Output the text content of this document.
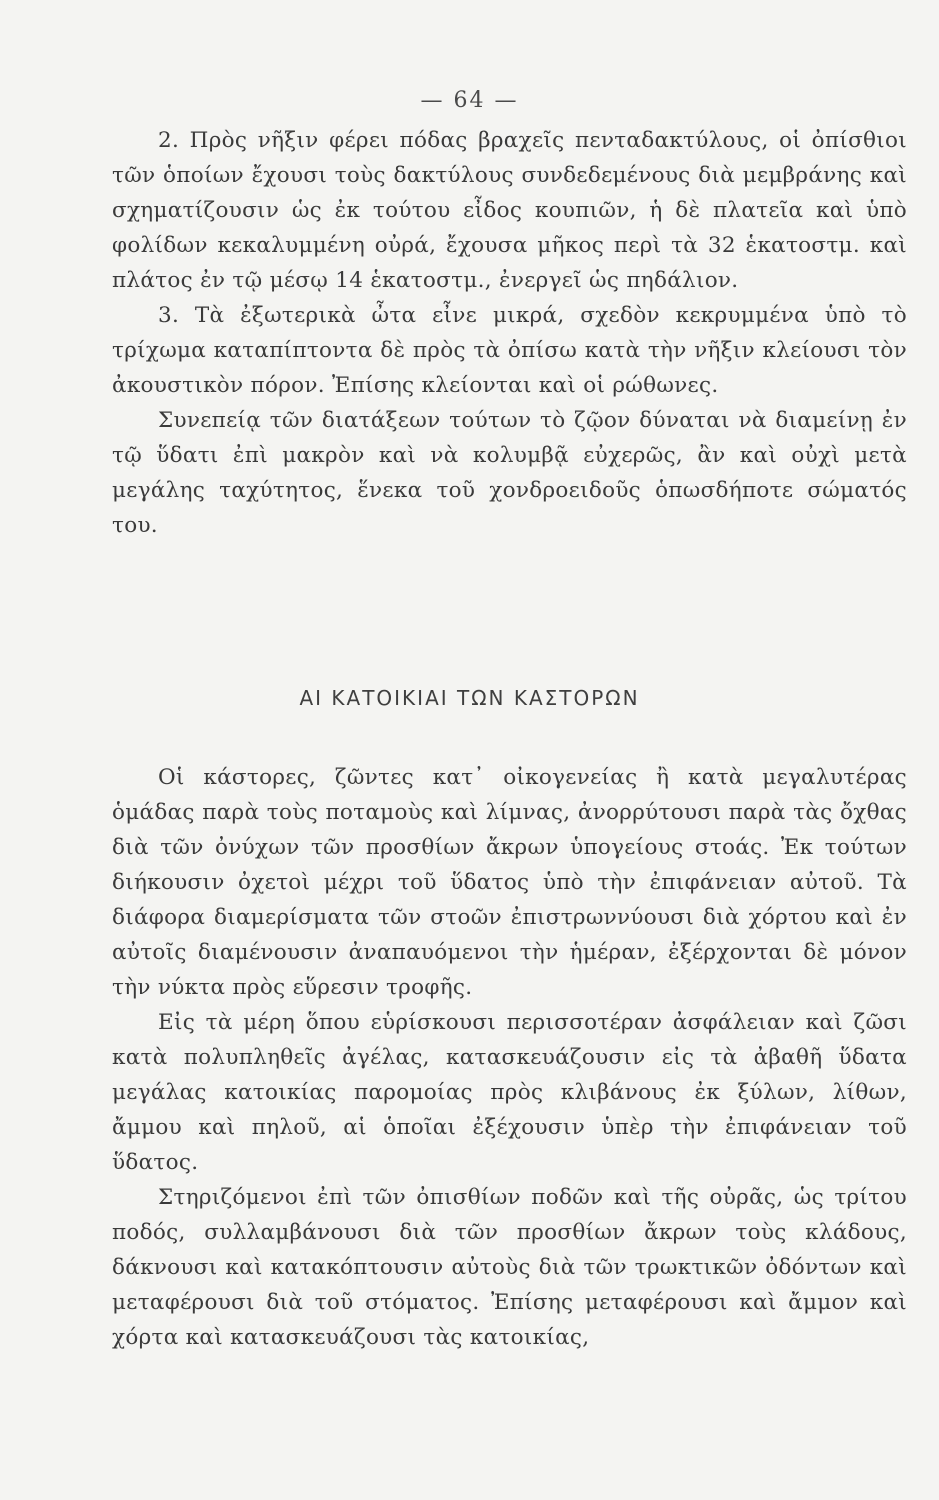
— 64 —

2. Πρὸς νῆξιν φέρει πόδας βραχεῖς πενταδακτύλους, οἱ ὀπίσθιοι τῶν ὁποίων ἔχουσι τοὺς δακτύλους συνδεδεμένους διὰ μεμβράνης καὶ σχηματίζουσιν ὡς ἐκ τούτου εἶδος κουπιῶν, ἡ δὲ πλατεῖα καὶ ὑπὸ φολίδων κεκαλυμμένη οὐρά, ἔχουσα μῆκος περὶ τὰ 32 ἑκατοστμ. καὶ πλάτος ἐν τῷ μέσῳ 14 ἑκατοστμ., ἐνεργεῖ ὡς πηδάλιον.

3. Τὰ ἐξωτερικὰ ὦτα εἶνε μικρά, σχεδὸν κεκρυμμένα ὑπὸ τὸ τρίχωμα καταπίπτοντα δὲ πρὸς τὰ ὀπίσω κατὰ τὴν νῆξιν κλείουσι τὸν ἀκουστικὸν πόρον. Ἐπίσης κλείονται καὶ οἱ ρώθωνες.

Συνεπείᾳ τῶν διατάξεων τούτων τὸ ζῷον δύναται νὰ διαμείνῃ ἐν τῷ ὕδατι ἐπὶ μακρὸν καὶ νὰ κολυμβᾷ εὐχερῶς, ἂν καὶ οὐχὶ μετὰ μεγάλης ταχύτητος, ἕνεκα τοῦ χονδροειδοῦς ὁπωσδήποτε σώματός του.

ΑΙ ΚΑΤΟΙΚΙΑΙ ΤΩΝ ΚΑΣΤΟΡΩΝ

Οἱ κάστορες, ζῶντες κατ᾽ οἰκογενείας ἢ κατὰ μεγαλυτέρας ὁμάδας παρὰ τοὺς ποταμοὺς καὶ λίμνας, ἀνορρύτουσι παρὰ τὰς ὄχθας διὰ τῶν ὀνύχων τῶν προσθίων ἄκρων ὑπογείους στοάς. Ἐκ τούτων διήκουσιν ὀχετοὶ μέχρι τοῦ ὕδατος ὑπὸ τὴν ἐπιφάνειαν αὐτοῦ. Τὰ διάφορα διαμερίσματα τῶν στοῶν ἐπιστρωννύουσι διὰ χόρτου καὶ ἐν αὐτοῖς διαμένουσιν ἀναπαυόμενοι τὴν ἡμέραν, ἐξέρχονται δὲ μόνον τὴν νύκτα πρὸς εὕρεσιν τροφῆς.

Εἰς τὰ μέρη ὅπου εὑρίσκουσι περισσοτέραν ἀσφάλειαν καὶ ζῶσι κατὰ πολυπληθεῖς ἀγέλας, κατασκευάζουσιν εἰς τὰ ἀβαθῆ ὕδατα μεγάλας κατοικίας παρομοίας πρὸς κλιβάνους ἐκ ξύλων, λίθων, ἄμμου καὶ πηλοῦ, αἱ ὁποῖαι ἐξέχουσιν ὑπὲρ τὴν ἐπιφάνειαν τοῦ ὕδατος.

Στηριζόμενοι ἐπὶ τῶν ὀπισθίων ποδῶν καὶ τῆς οὐρᾶς, ὡς τρίτου ποδός, συλλαμβάνουσι διὰ τῶν προσθίων ἄκρων τοὺς κλάδους, δάκνουσι καὶ κατακόπτουσιν αὐτοὺς διὰ τῶν τρωκτικῶν ὀδόντων καὶ μεταφέρουσι διὰ τοῦ στόματος. Ἐπίσης μεταφέρουσι καὶ ἄμμον καὶ χόρτα καὶ κατασκευάζουσι τὰς κατοικίας,
